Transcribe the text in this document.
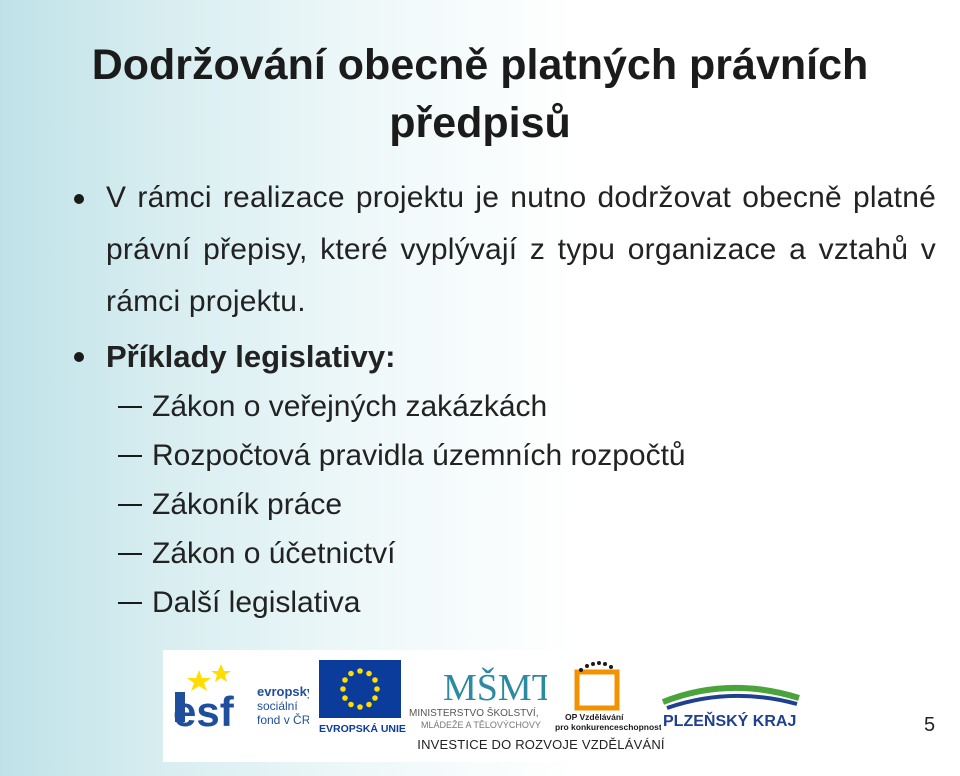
Dodržování obecně platných právních předpisů
V rámci realizace projektu je nutno dodržovat obecně platné právní přepisy, které vyplývají z typu organizace a vztahů v rámci projektu.
Příklady legislativy:
Zákon o veřejných zakázkách
Rozpočtová pravidla územních rozpočtů
Zákoník práce
Zákon o účetnictví
Další legislativa
esf evropský
sociální
fond v ČR
EVROPSKÁ UNIE
MŠMT
MINISTERSTVO ŠKOLSTVÍ,
MLÁDEŽE A TĚLOVÝCHOVY
OP Vzdělávání
pro konkurenceschopnost PLZEŇSKÝ KRAJ
INVESTICE DO ROZVOJE VZDĚLÁVÁNÍ
5
